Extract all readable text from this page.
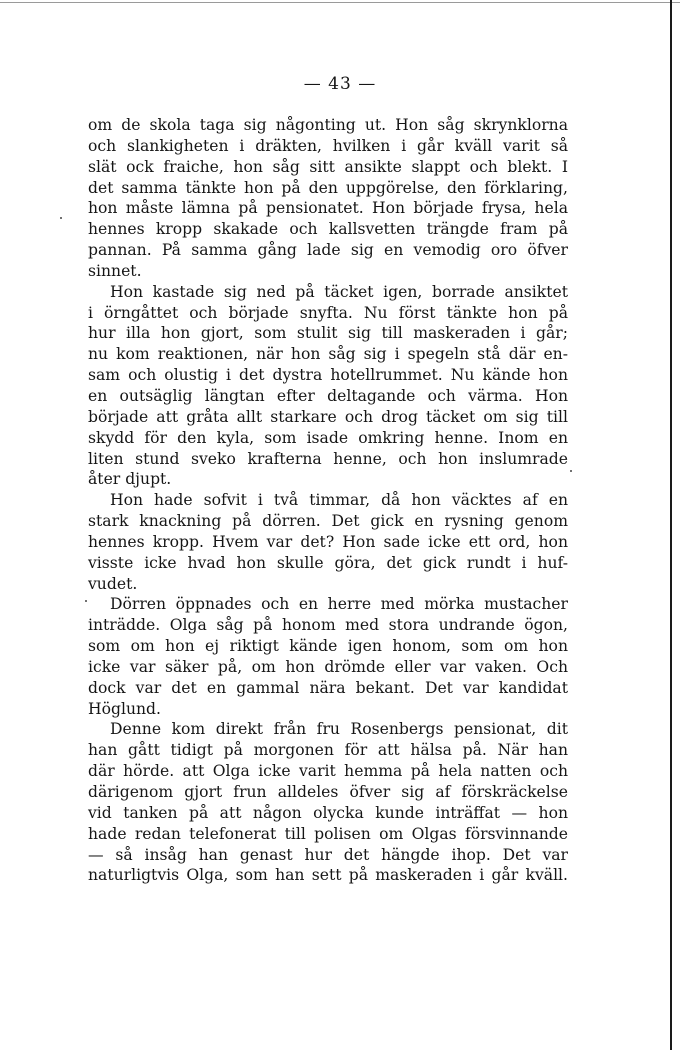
— 43 —
om de skola taga sig någonting ut. Hon såg skrynklorna
och slankigheten i dräkten, hvilken i går kväll varit så
slät ock fraiche, hon såg sitt ansikte slappt och blekt. I
det samma tänkte hon på den uppgörelse, den förklaring,
hon måste lämna på pensionatet. Hon började frysa, hela
hennes kropp skakade och kallsvetten trängde fram på
pannan. På samma gång lade sig en vemodig oro öfver
sinnet.
Hon kastade sig ned på täcket igen, borrade ansiktet
i örngåttet och började snyfta. Nu först tänkte hon på
hur illa hon gjort, som stulit sig till maskeraden i går;
nu kom reaktionen, när hon såg sig i spegeln stå där en-
sam och olustig i det dystra hotellrummet. Nu kände hon
en outsäglig längtan efter deltagande och värma. Hon
började att gråta allt starkare och drog täcket om sig till
skydd för den kyla, som isade omkring henne. Inom en
liten stund sveko krafterna henne, och hon inslumrade
åter djupt.
Hon hade sofvit i två timmar, då hon väcktes af en
stark knackning på dörren. Det gick en rysning genom
hennes kropp. Hvem var det? Hon sade icke ett ord, hon
visste icke hvad hon skulle göra, det gick rundt i huf-
vudet.
Dörren öppnades och en herre med mörka mustacher
inträdde. Olga såg på honom med stora undrande ögon,
som om hon ej riktigt kände igen honom, som om hon
icke var säker på, om hon drömde eller var vaken. Och
dock var det en gammal nära bekant. Det var kandidat
Höglund.
Denne kom direkt från fru Rosenbergs pensionat, dit
han gått tidigt på morgonen för att hälsa på. När han
där hörde. att Olga icke varit hemma på hela natten och
därigenom gjort frun alldeles öfver sig af förskräckelse
vid tanken på att någon olycka kunde inträffat — hon
hade redan telefonerat till polisen om Olgas försvinnande
— så insåg han genast hur det hängde ihop. Det var
naturligtvis Olga, som han sett på maskeraden i går kväll.
